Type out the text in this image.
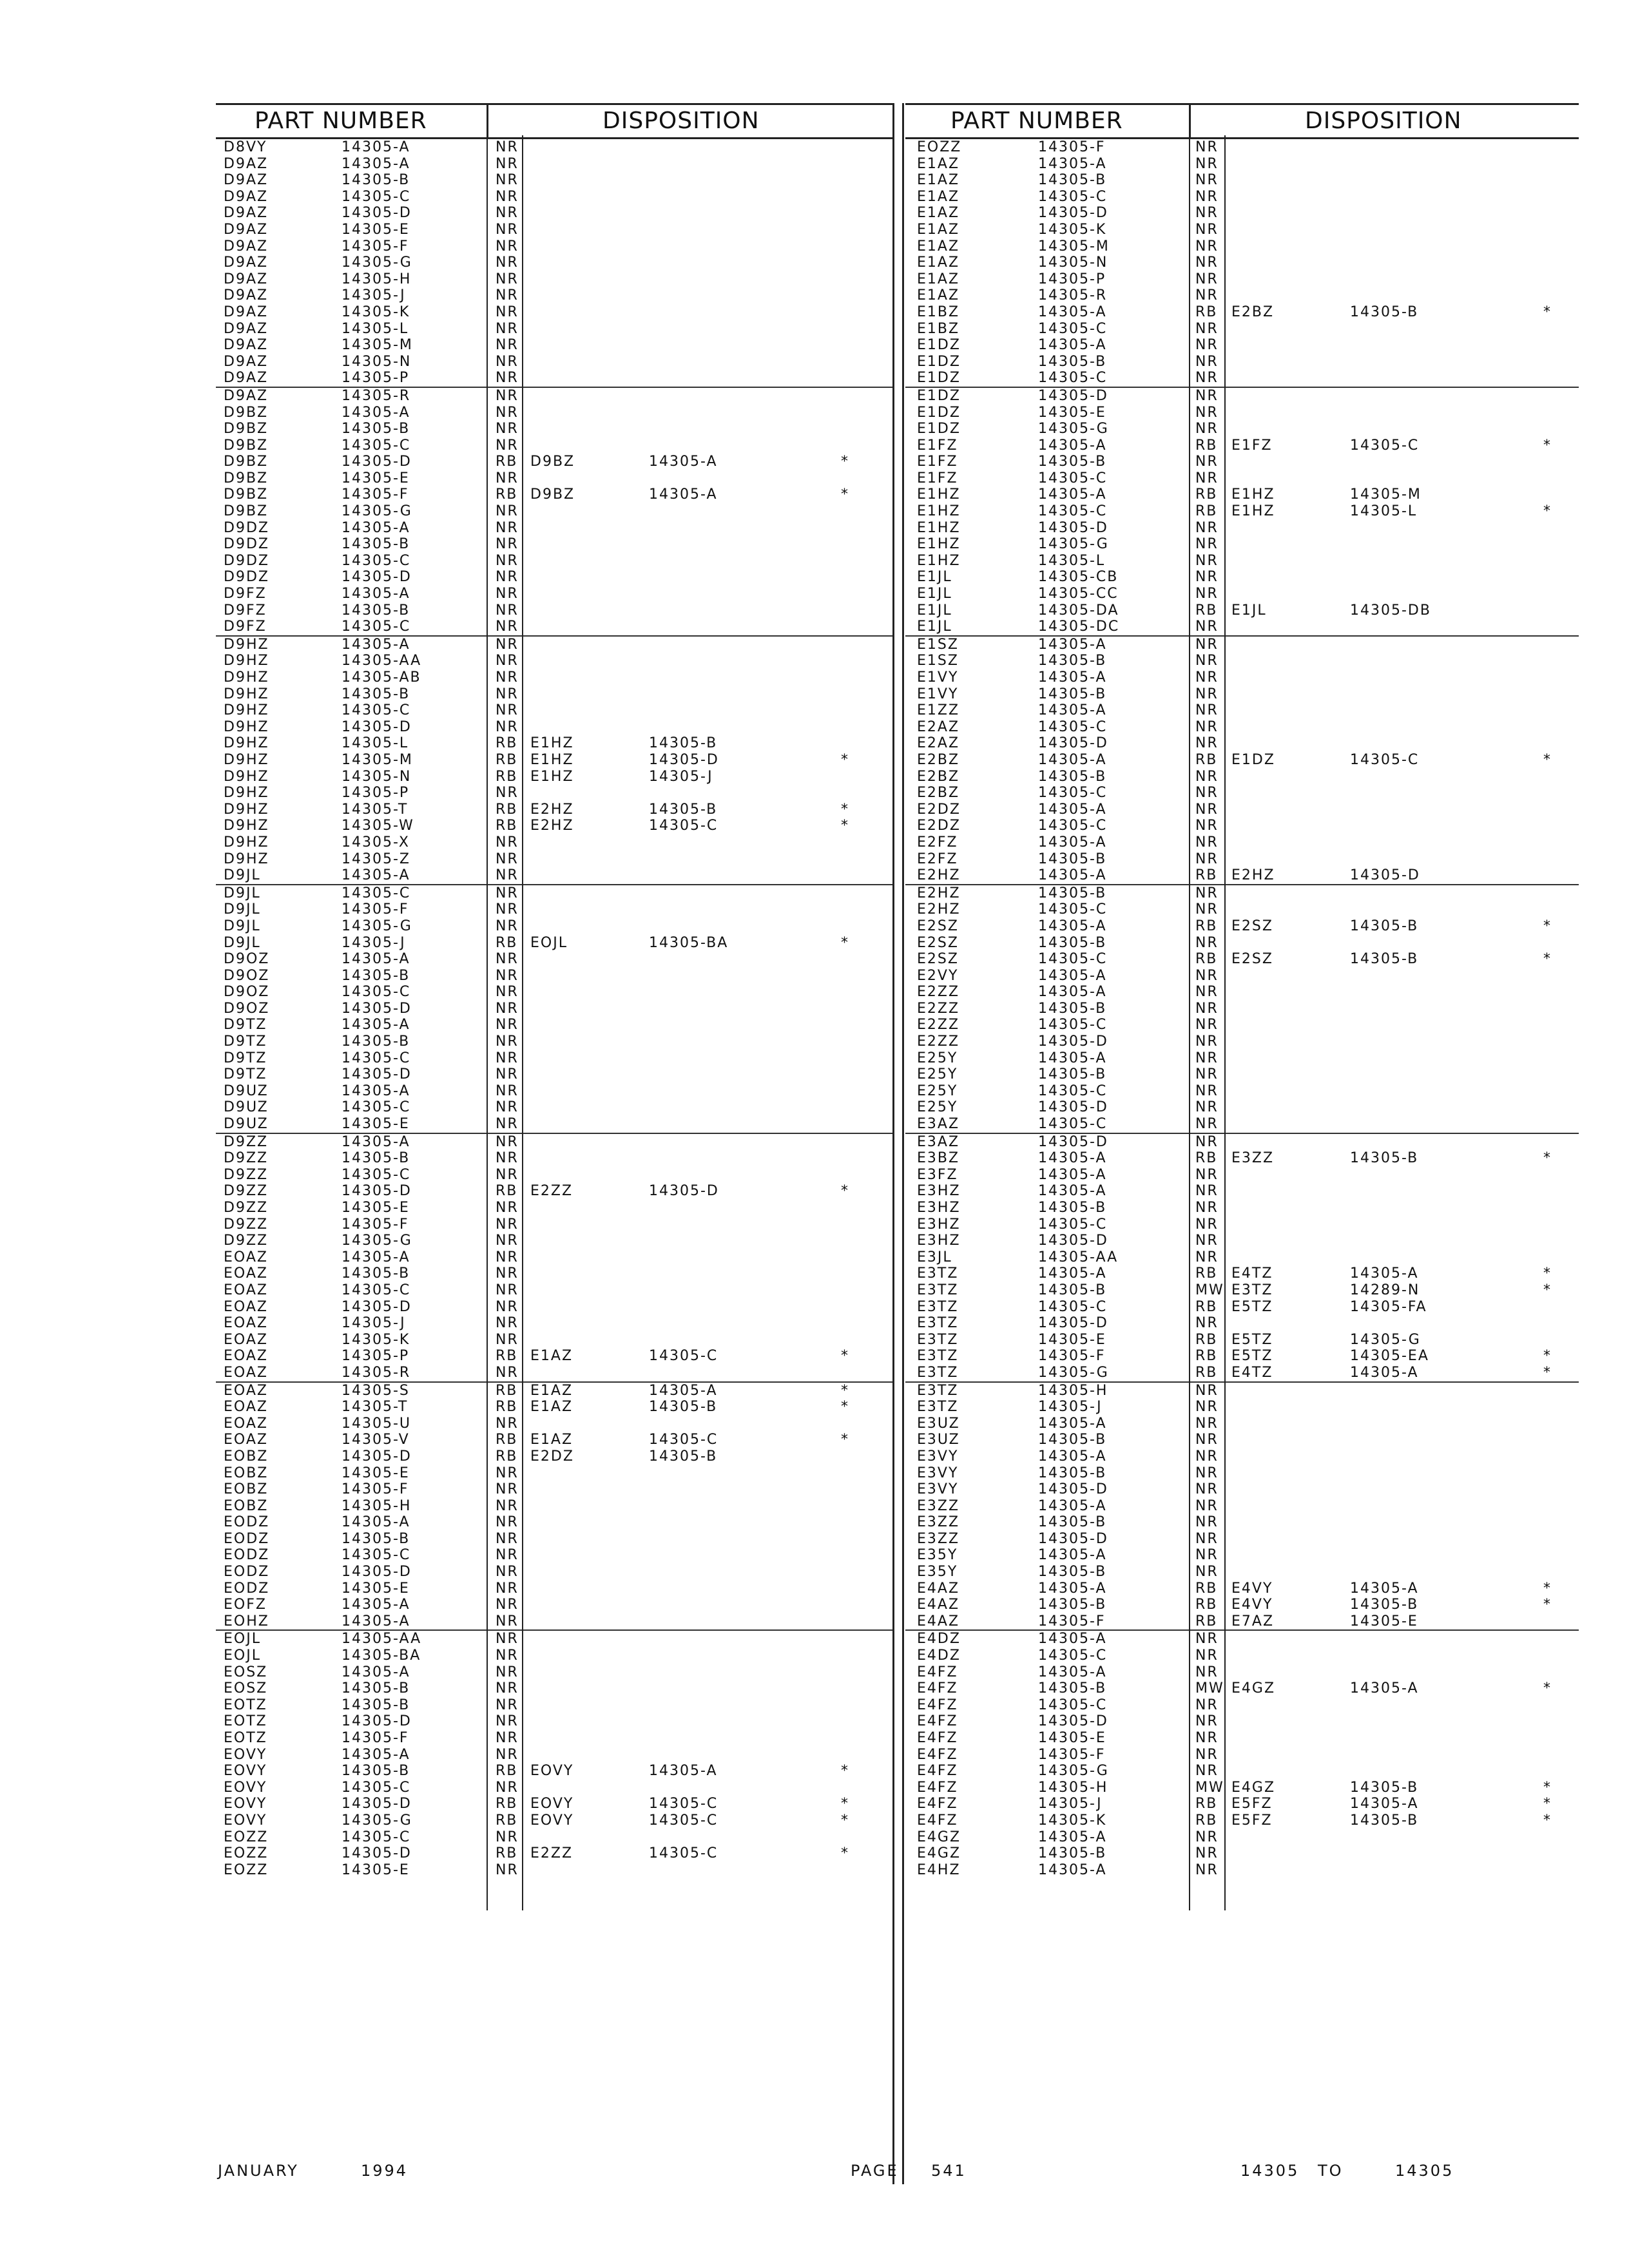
PART NUMBER	DISPOSITION
D8VY	14305-A	NR
D9AZ	14305-A	NR
D9AZ	14305-B	NR
D9AZ	14305-C	NR
D9AZ	14305-D	NR
D9AZ	14305-E	NR
D9AZ	14305-F	NR
D9AZ	14305-G	NR
D9AZ	14305-H	NR
D9AZ	14305-J	NR
D9AZ	14305-K	NR
D9AZ	14305-L	NR
D9AZ	14305-M	NR
D9AZ	14305-N	NR
D9AZ	14305-P	NR
D9AZ	14305-R	NR
D9BZ	14305-A	NR
D9BZ	14305-B	NR
D9BZ	14305-C	NR
D9BZ	14305-D	RB D9BZ	14305-A	*
D9BZ	14305-E	NR
D9BZ	14305-F	RB D9BZ	14305-A	*
D9BZ	14305-G	NR
D9DZ	14305-A	NR
D9DZ	14305-B	NR
D9DZ	14305-C	NR
D9DZ	14305-D	NR
D9FZ	14305-A	NR
D9FZ	14305-B	NR
D9FZ	14305-C	NR
D9HZ	14305-A	NR
D9HZ	14305-AA	NR
D9HZ	14305-AB	NR
D9HZ	14305-B	NR
D9HZ	14305-C	NR
D9HZ	14305-D	NR
D9HZ	14305-L	RB E1HZ	14305-B
D9HZ	14305-M	RB E1HZ	14305-D	*
D9HZ	14305-N	RB E1HZ	14305-J
D9HZ	14305-P	NR
D9HZ	14305-T	RB E2HZ	14305-B	*
D9HZ	14305-W	RB E2HZ	14305-C	*
D9HZ	14305-X	NR
D9HZ	14305-Z	NR
D9JL	14305-A	NR
D9JL	14305-C	NR
D9JL	14305-F	NR
D9JL	14305-G	NR
D9JL	14305-J	RB EOJL	14305-BA	*
D9OZ	14305-A	NR
D9OZ	14305-B	NR
D9OZ	14305-C	NR
D9OZ	14305-D	NR
D9TZ	14305-A	NR
D9TZ	14305-B	NR
D9TZ	14305-C	NR
D9TZ	14305-D	NR
D9UZ	14305-A	NR
D9UZ	14305-C	NR
D9UZ	14305-E	NR
D9ZZ	14305-A	NR
D9ZZ	14305-B	NR
D9ZZ	14305-C	NR
D9ZZ	14305-D	RB E2ZZ	14305-D	*
D9ZZ	14305-E	NR
D9ZZ	14305-F	NR
D9ZZ	14305-G	NR
EOAZ	14305-A	NR
EOAZ	14305-B	NR
EOAZ	14305-C	NR
EOAZ	14305-D	NR
EOAZ	14305-J	NR
EOAZ	14305-K	NR
EOAZ	14305-P	RB E1AZ	14305-C	*
EOAZ	14305-R	NR
EOAZ	14305-S	RB E1AZ	14305-A	*
EOAZ	14305-T	RB E1AZ	14305-B	*
EOAZ	14305-U	NR
EOAZ	14305-V	RB E1AZ	14305-C	*
EOBZ	14305-D	RB E2DZ	14305-B
EOBZ	14305-E	NR
EOBZ	14305-F	NR
EOBZ	14305-H	NR
EODZ	14305-A	NR
EODZ	14305-B	NR
EODZ	14305-C	NR
EODZ	14305-D	NR
EODZ	14305-E	NR
EOFZ	14305-A	NR
EOHZ	14305-A	NR
EOJL	14305-AA	NR
EOJL	14305-BA	NR
EOSZ	14305-A	NR
EOSZ	14305-B	NR
EOTZ	14305-B	NR
EOTZ	14305-D	NR
EOTZ	14305-F	NR
EOVY	14305-A	NR
EOVY	14305-B	RB EOVY	14305-A	*
EOVY	14305-C	NR
EOVY	14305-D	RB EOVY	14305-C	*
EOVY	14305-G	RB EOVY	14305-C	*
EOZZ	14305-C	NR
EOZZ	14305-D	RB E2ZZ	14305-C	*
EOZZ	14305-E	NR
PART NUMBER	DISPOSITION
EOZZ	14305-F	NR
E1AZ	14305-A	NR
E1AZ	14305-B	NR
E1AZ	14305-C	NR
E1AZ	14305-D	NR
E1AZ	14305-K	NR
E1AZ	14305-M	NR
E1AZ	14305-N	NR
E1AZ	14305-P	NR
E1AZ	14305-R	NR
E1BZ	14305-A	RB E2BZ	14305-B	*
E1BZ	14305-C	NR
E1DZ	14305-A	NR
E1DZ	14305-B	NR
E1DZ	14305-C	NR
E1DZ	14305-D	NR
E1DZ	14305-E	NR
E1DZ	14305-G	NR
E1FZ	14305-A	RB E1FZ	14305-C	*
E1FZ	14305-B	NR
E1FZ	14305-C	NR
E1HZ	14305-A	RB E1HZ	14305-M
E1HZ	14305-C	RB E1HZ	14305-L	*
E1HZ	14305-D	NR
E1HZ	14305-G	NR
E1HZ	14305-L	NR
E1JL	14305-CB	NR
E1JL	14305-CC	NR
E1JL	14305-DA	RB E1JL	14305-DB
E1JL	14305-DC	NR
E1SZ	14305-A	NR
E1SZ	14305-B	NR
E1VY	14305-A	NR
E1VY	14305-B	NR
E1ZZ	14305-A	NR
E2AZ	14305-C	NR
E2AZ	14305-D	NR
E2BZ	14305-A	RB E1DZ	14305-C	*
E2BZ	14305-B	NR
E2BZ	14305-C	NR
E2DZ	14305-A	NR
E2DZ	14305-C	NR
E2FZ	14305-A	NR
E2FZ	14305-B	NR
E2HZ	14305-A	RB E2HZ	14305-D
E2HZ	14305-B	NR
E2HZ	14305-C	NR
E2SZ	14305-A	RB E2SZ	14305-B	*
E2SZ	14305-B	NR
E2SZ	14305-C	RB E2SZ	14305-B	*
E2VY	14305-A	NR
E2ZZ	14305-A	NR
E2ZZ	14305-B	NR
E2ZZ	14305-C	NR
E2ZZ	14305-D	NR
E25Y	14305-A	NR
E25Y	14305-B	NR
E25Y	14305-C	NR
E25Y	14305-D	NR
E3AZ	14305-C	NR
E3AZ	14305-D	NR
E3BZ	14305-A	RB E3ZZ	14305-B	*
E3FZ	14305-A	NR
E3HZ	14305-A	NR
E3HZ	14305-B	NR
E3HZ	14305-C	NR
E3HZ	14305-D	NR
E3JL	14305-AA	NR
E3TZ	14305-A	RB E4TZ	14305-A	*
E3TZ	14305-B	MW E3TZ	14289-N	*
E3TZ	14305-C	RB E5TZ	14305-FA
E3TZ	14305-D	NR
E3TZ	14305-E	RB E5TZ	14305-G
E3TZ	14305-F	RB E5TZ	14305-EA	*
E3TZ	14305-G	RB E4TZ	14305-A	*
E3TZ	14305-H	NR
E3TZ	14305-J	NR
E3UZ	14305-A	NR
E3UZ	14305-B	NR
E3VY	14305-A	NR
E3VY	14305-B	NR
E3VY	14305-D	NR
E3ZZ	14305-A	NR
E3ZZ	14305-B	NR
E3ZZ	14305-D	NR
E35Y	14305-A	NR
E35Y	14305-B	NR
E4AZ	14305-A	RB E4VY	14305-A	*
E4AZ	14305-B	RB E4VY	14305-B	*
E4AZ	14305-F	RB E7AZ	14305-E
E4DZ	14305-A	NR
E4DZ	14305-C	NR
E4FZ	14305-A	NR
E4FZ	14305-B	MW E4GZ	14305-A	*
E4FZ	14305-C	NR
E4FZ	14305-D	NR
E4FZ	14305-E	NR
E4FZ	14305-F	NR
E4FZ	14305-G	NR
E4FZ	14305-H	MW E4GZ	14305-B	*
E4FZ	14305-J	RB E5FZ	14305-A	*
E4FZ	14305-K	RB E5FZ	14305-B	*
E4GZ	14305-A	NR
E4GZ	14305-B	NR
E4HZ	14305-A	NR
JANUARY	1994	PAGE 541	14305 TO	14305
